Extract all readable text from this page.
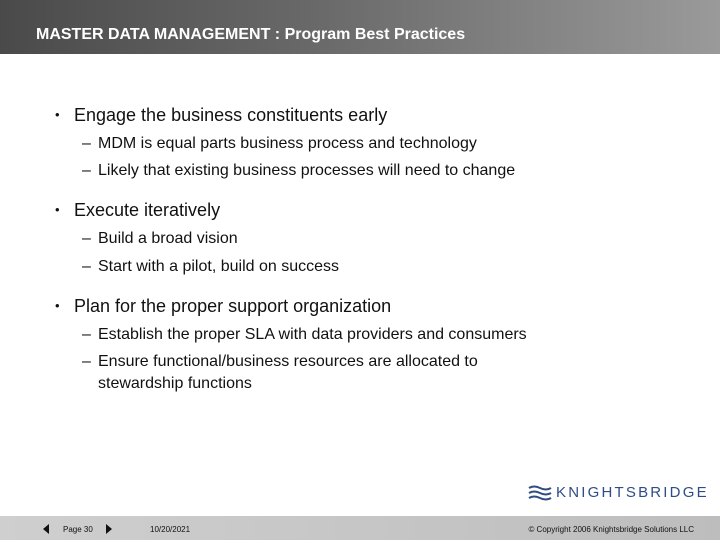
MASTER DATA MANAGEMENT : Program Best Practices
• Engage the business constituents early
– MDM is equal parts business process and technology
– Likely that existing business processes will need to change
• Execute iteratively
– Build a broad vision
– Start with a pilot, build on success
• Plan for the proper support organization
– Establish the proper SLA with data providers and consumers
– Ensure functional/business resources are allocated to stewardship functions
KNIGHTSBRIDGE
Page 30	10/20/2021	© Copyright 2006 Knightsbridge Solutions LLC
